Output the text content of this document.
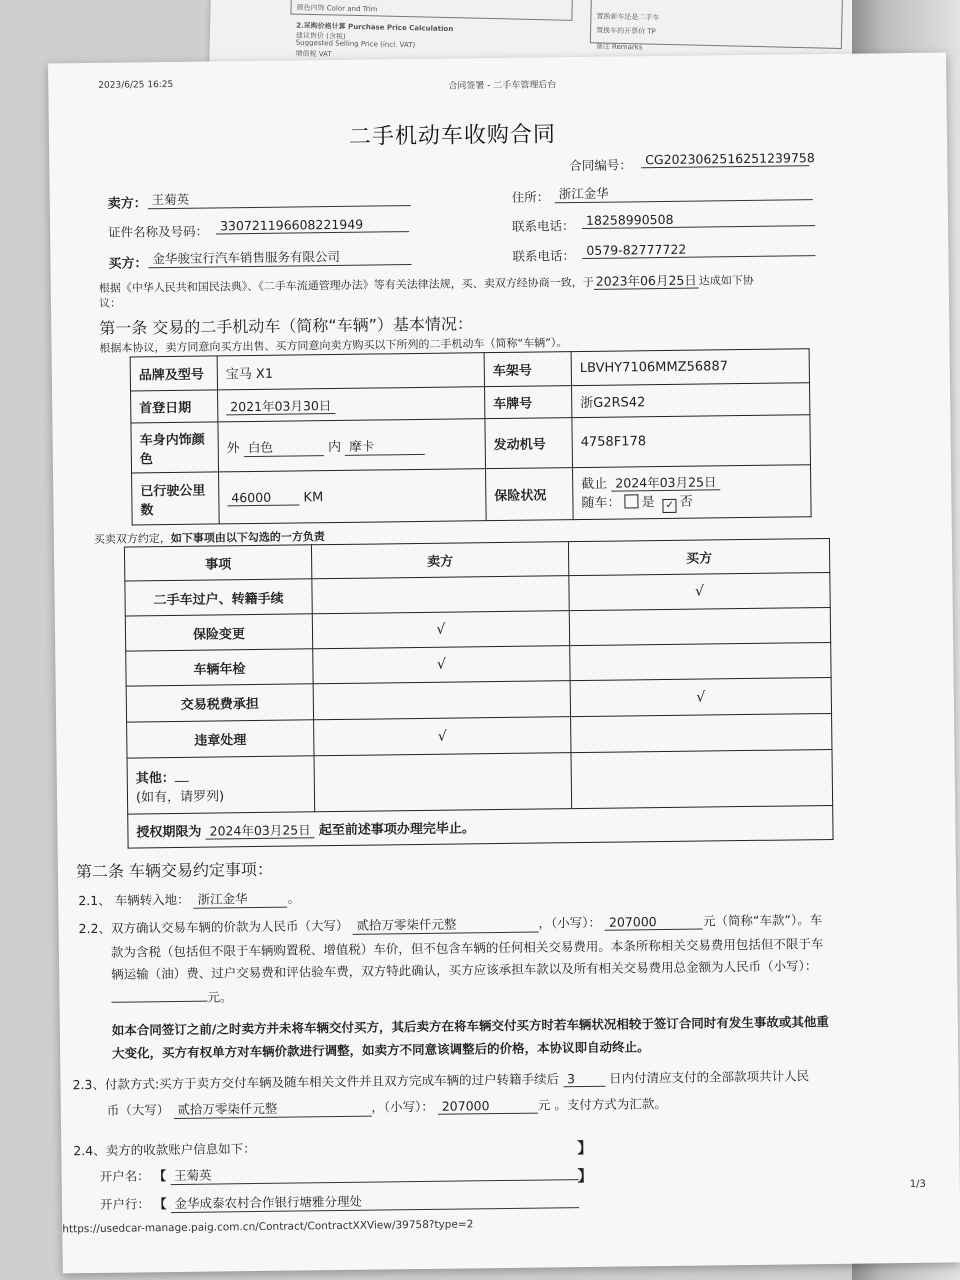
颜色内饰 Color and Trim
2.采购价格计算 Purchase Price Calculation
建议售价 (含税)
Suggested Selling Price (incl. VAT)
增值税 VAT
置换新车还是二手车
置换车的开票价 TP
备注 Remarks
2023/6/25 16:25	合同签署 - 二手车管理后台
二手机动车收购合同
合同编号：	CG2023062516251239758
卖方： 王菊英	住所： 浙江金华
证件名称及号码： 330721196608221949	联系电话： 18258990508
买方： 金华骏宝行汽车销售服务有限公司	联系电话： 0579-82777722
根据《中华人民共和国民法典》、《二手车流通管理办法》等有关法律法规，买、卖双方经协商一致，于 2023年06月25日 达成如下协
议：
第一条 交易的二手机动车（简称“车辆”）基本情况：
根据本协议，卖方同意向买方出售、买方同意向卖方购买以下所列的二手机动车（简称“车辆”）。
品牌及型号	宝马 X1	车架号	LBVHY7106MMZ56887
首登日期	2021年03月30日	车牌号	浙G2RS42
车身内饰颜
色	外 白色 内 摩卡	发动机号	4758F178
已行驶公里
数	46000 KM	保险状况	截止 2024年03月25日
随车： 是 ✓ 否
买卖双方约定，如下事项由以下勾选的一方负责
事项	卖方	买方
二手车过户、转籍手续		√
保险变更	√	
车辆年检	√	
交易税费承担		√
违章处理	√	
其他：
(如有，请罗列)		
授权期限为 2024年03月25日 起至前述事项办理完毕止。		
第二条 车辆交易约定事项：
2.1、 车辆转入地： 浙江金华	。
2.2、双方确认交易车辆的价款为人民币（大写） 贰拾万零柒仟元整	，（小写）： 207000	元（简称“车款”）。车
款为含税（包括但不限于车辆购置税、增值税）车价，但不包含车辆的任何相关交易费用。本条所称相关交易费用包括但不限于车
辆运输（油）费、过户交易费和评估验车费，双方特此确认，买方应该承担车款以及所有相关交易费用总金额为人民币（小写）：
元。
如本合同签订之前/之时卖方并未将车辆交付买方，其后卖方在将车辆交付买方时若车辆状况相较于签订合同时有发生事故或其他重
大变化，买方有权单方对车辆价款进行调整，如卖方不同意该调整后的价格，本协议即自动终止。
2.3、付款方式:买方于卖方交付车辆及随车相关文件并且双方完成车辆的过户转籍手续后 3	日内付清应支付的全部款项共计人民
币（大写） 贰拾万零柒仟元整	，（小写）： 207000	元 。支付方式为汇款。
2.4、卖方的收款账户信息如下：	】
开户名： 【 王菊英	】
开户行： 【 金华成泰农村合作银行塘雅分理处
1/3
https://usedcar-manage.paig.com.cn/Contract/ContractXXView/39758?type=2
